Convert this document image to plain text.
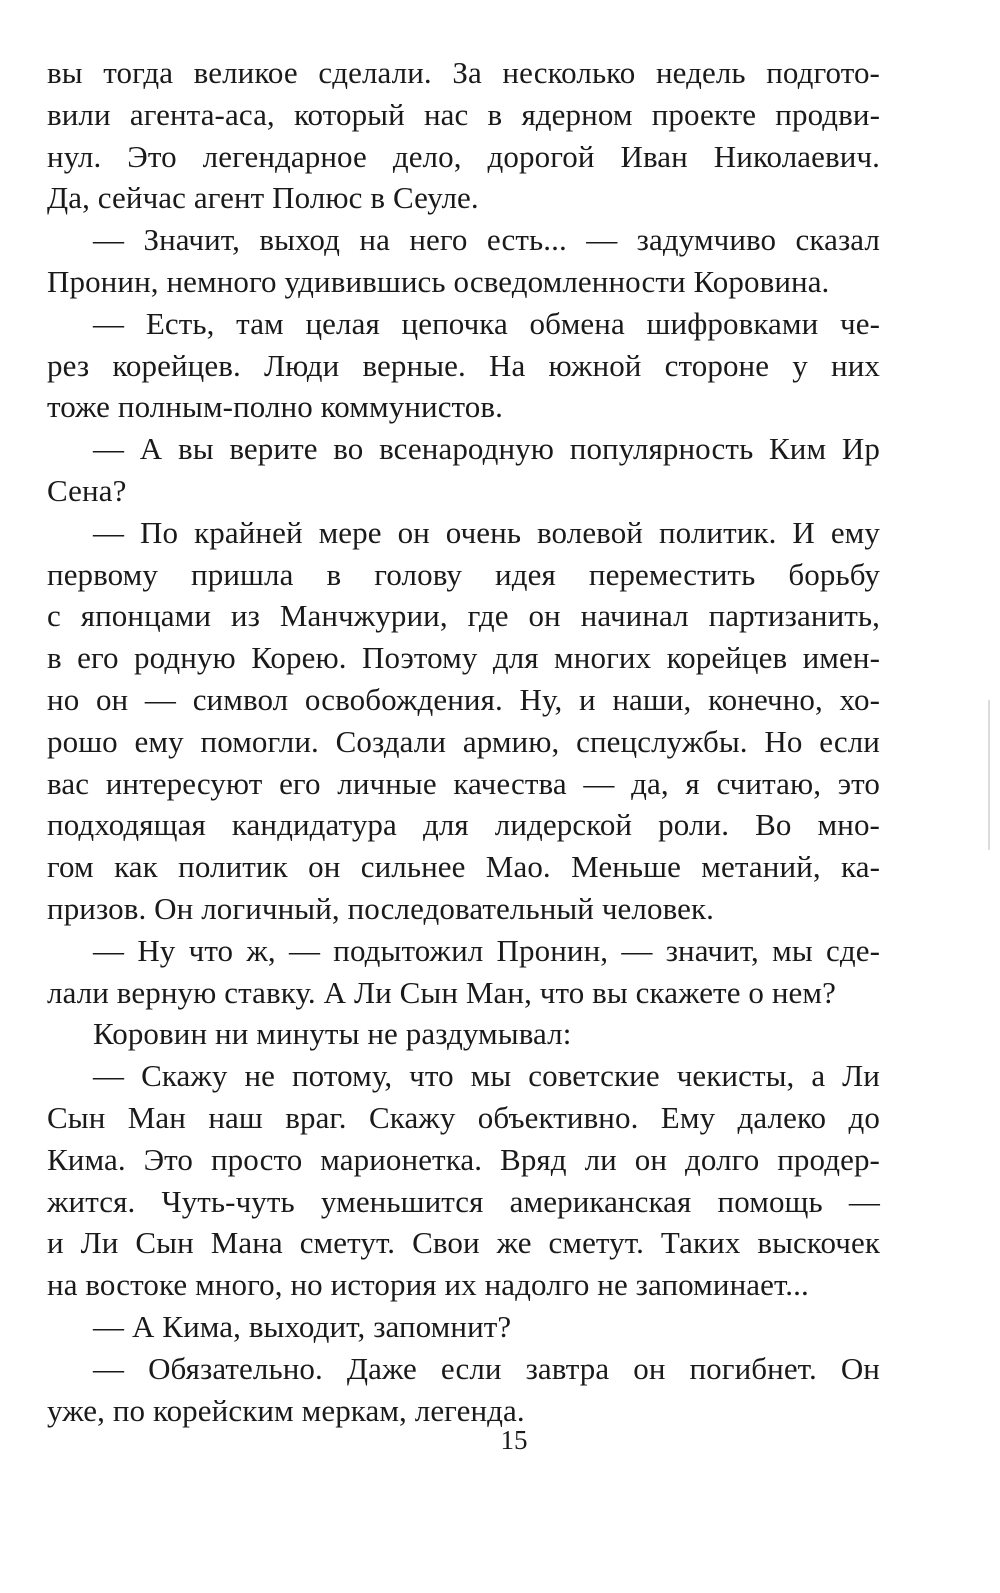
вы тогда великое сделали. За несколько недель подгото-
вили агента-аса, который нас в ядерном проекте продви-
нул. Это легендарное дело, дорогой Иван Николаевич.
Да, сейчас агент Полюс в Сеуле.
— Значит, выход на него есть... — задумчиво сказал
Пронин, немного удивившись осведомленности Коровина.
— Есть, там целая цепочка обмена шифровками че-
рез корейцев. Люди верные. На южной стороне у них
тоже полным-полно коммунистов.
— А вы верите во всенародную популярность Ким Ир
Сена?
— По крайней мере он очень волевой политик. И ему
первому пришла в голову идея переместить борьбу
с японцами из Манчжурии, где он начинал партизанить,
в его родную Корею. Поэтому для многих корейцев имен-
но он — символ освобождения. Ну, и наши, конечно, хо-
рошо ему помогли. Создали армию, спецслужбы. Но если
вас интересуют его личные качества — да, я считаю, это
подходящая кандидатура для лидерской роли. Во мно-
гом как политик он сильнее Мао. Меньше метаний, ка-
призов. Он логичный, последовательный человек.
— Ну что ж, — подытожил Пронин, — значит, мы сде-
лали верную ставку. А Ли Сын Ман, что вы скажете о нем?
Коровин ни минуты не раздумывал:
— Скажу не потому, что мы советские чекисты, а Ли
Сын Ман наш враг. Скажу объективно. Ему далеко до
Кима. Это просто марионетка. Вряд ли он долго продер-
жится. Чуть-чуть уменьшится американская помощь —
и Ли Сын Мана сметут. Свои же сметут. Таких выскочек
на востоке много, но история их надолго не запоминает...
— А Кима, выходит, запомнит?
— Обязательно. Даже если завтра он погибнет. Он
уже, по корейским меркам, легенда.
15
